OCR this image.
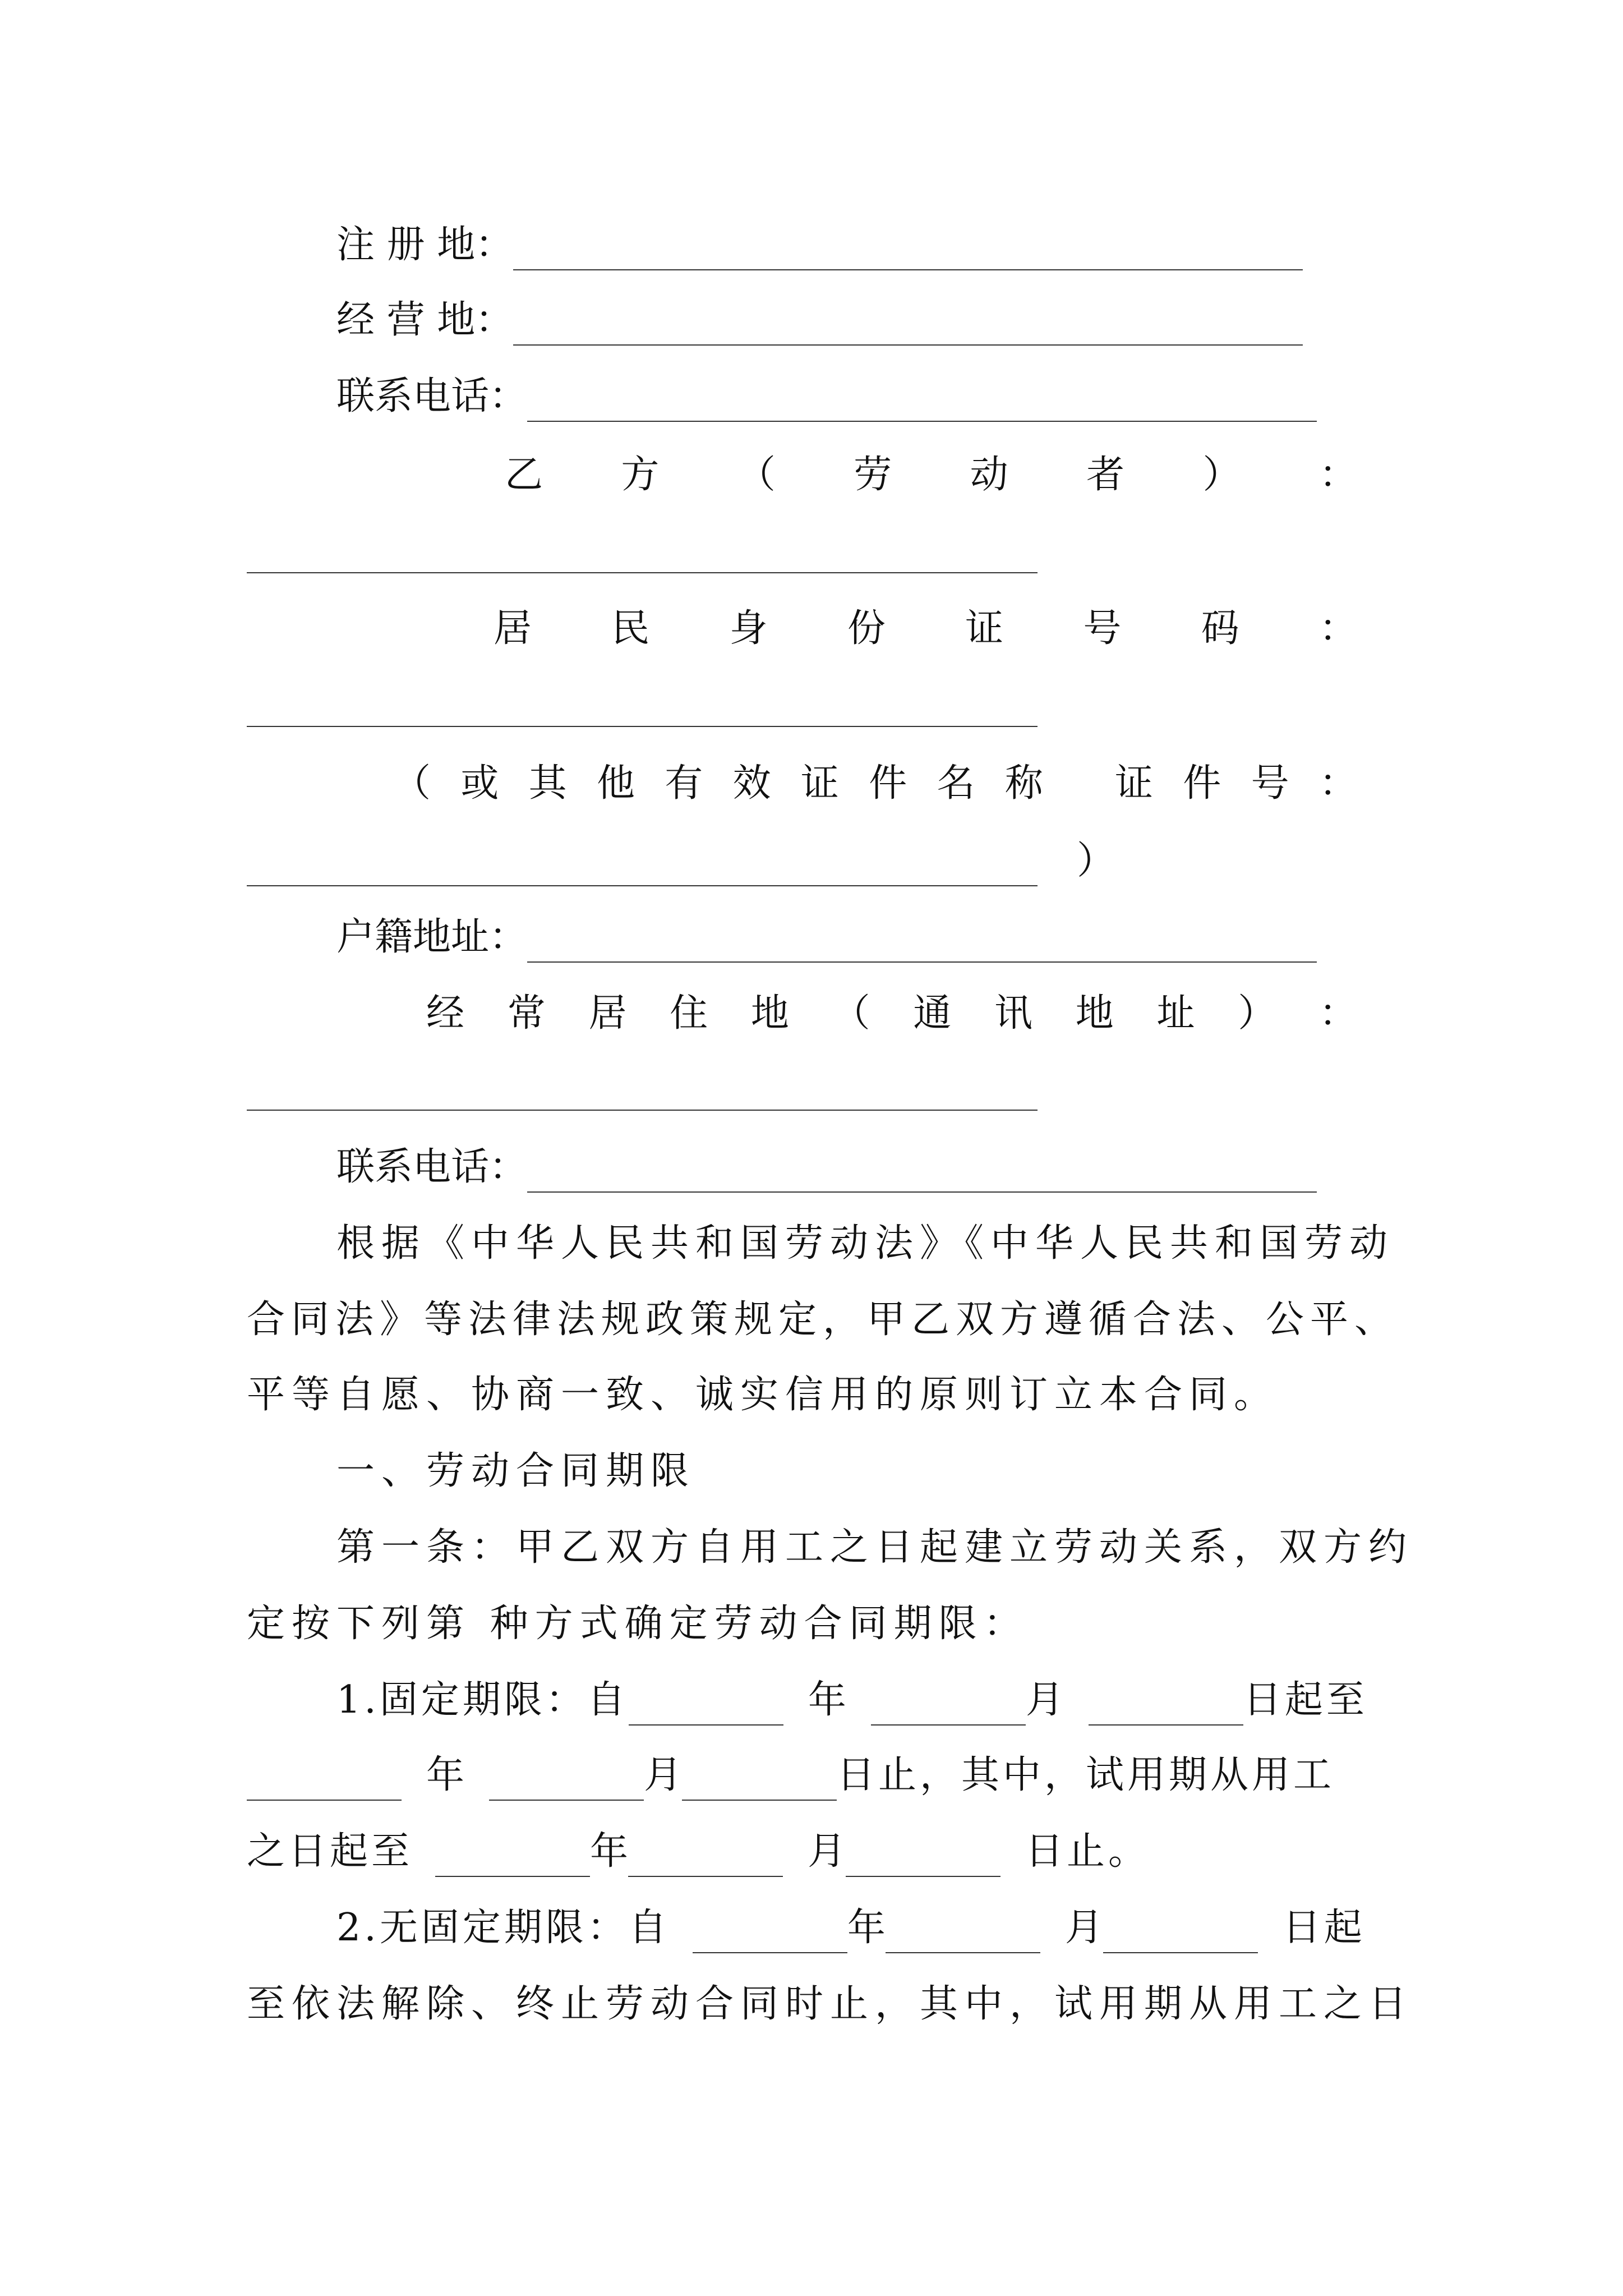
注 册 地：
经 营 地：
联系电话：
乙 方 （ 劳 动 者 ） ：
居 民 身 份 证 号 码 ：
（ 或 其 他 有 效 证 件 名 称
证 件 号 ：
）
户籍地址：
经 常 居 住 地 （ 通 讯 地 址 ） ：
联系电话：
根据《中华人民共和国劳动法》《中华人民共和国劳动
合同法》等法律法规政策规定，甲乙双方遵循合法、公平、
平等自愿、协商一致、诚实信用的原则订立本合同。
一、劳动合同期限
第一条：甲乙双方自用工之日起建立劳动关系，双方约
定按下列第 种方式确定劳动合同期限：
1.固定期限：自	年	月	日起至
年	月	日止，其中，试用期从用工
之日起至	年	月	日止。
2.无固定期限：自	年	月	日起
至依法解除、终止劳动合同时止，其中，试用期从用工之日
